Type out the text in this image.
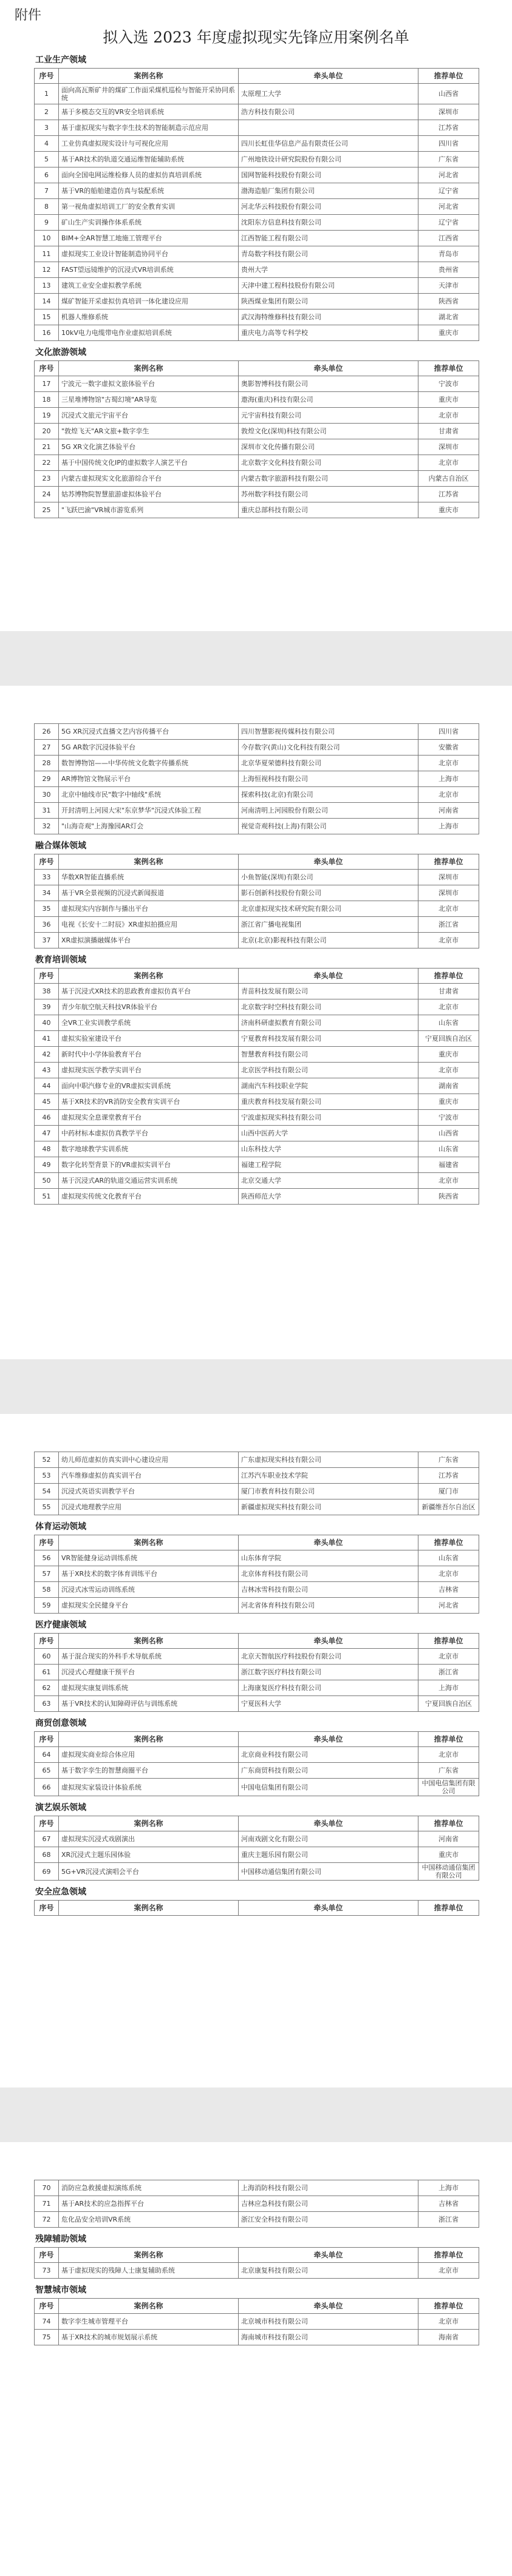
附件
拟入选 2023 年度虚拟现实先锋应用案例名单
工业生产领域
序号	案例名称	牵头单位	推荐单位
1	面向高瓦斯矿井的煤矿工作面采煤机巡检与智能开采协同系统	太原理工大学	山西省
2	基于多模态交互的VR安全培训系统	浩方科技有限公司	深圳市
3	基于虚拟现实与数字孪生技术的智能制造示范应用		江苏省
4	工业仿真虚拟现实设计与可视化应用	四川长虹佳华信息产品有限责任公司	四川省
5	基于AR技术的轨道交通运维智能辅助系统	广州地铁设计研究院股份有限公司	广东省
6	面向全国电网运维检修人员的虚拟仿真培训系统	国网智能科技股份有限公司	河北省
7	基于VR的船舶建造仿真与装配系统	渤海造船厂集团有限公司	辽宁省
8	第一视角虚拟培训工厂的安全教育实训	河北华云科技股份有限公司	河北省
9	矿山生产实训操作体系系统	沈阳东方信息科技有限公司	辽宁省
10	BIM+全AR智慧工地施工管理平台	江西智能工程有限公司	江西省
11	虚拟现实工业设计智能制造协同平台	青岛数字科技有限公司	青岛市
12	FAST望远镜维护的沉浸式VR培训系统	贵州大学	贵州省
13	建筑工业安全虚拟教学系统	天津中建工程科技股份有限公司	天津市
14	煤矿智能开采虚拟仿真培训一体化建设应用	陕西煤业集团有限公司	陕西省
15	机器人维修系统	武汉海特维修科技有限公司	湖北省
16	10kV电力电缆带电作业虚拟培训系统	重庆电力高等专科学校	重庆市
文化旅游领域
序号	案例名称	牵头单位	推荐单位
17	宁波元一数字虚拟文旅体验平台	奥影智博科技有限公司	宁波市
18	三星堆博物馆"古蜀幻境"AR导览	遨海(重庆)科技有限公司	重庆市
19	沉浸式文旅元宇宙平台	元宇宙科技有限公司	北京市
20	"敦煌飞天"AR文旅+数字孪生	敦煌文化(深圳)科技有限公司	甘肃省
21	5G XR文化演艺体验平台	深圳市文化传播有限公司	深圳市
22	基于中国传统文化IP的虚拟数字人演艺平台	北京数字文化科技有限公司	北京市
23	内蒙古虚拟现实文化旅游综合平台	内蒙古数字旅游科技有限公司	内蒙古自治区
24	姑苏博物院智慧旅游虚拟体验平台	苏州数字科技有限公司	江苏省
25	"飞跃巴渝"VR城市游览系列	重庆总部科技有限公司	重庆市
26	5G XR沉浸式直播文艺内容传播平台	四川智慧影视传媒科技有限公司	四川省
27	5G AR数字沉浸体验平台	今存数字(黄山)文化科技有限公司	安徽省
28	数智博物馆——中华传统文化数字传播系统	北京华夏荣德科技有限公司	北京市
29	AR博物馆文物展示平台	上海恒视科技有限公司	上海市
30	北京中轴线市民"数字中轴线"系统	探索科技(北京)有限公司	北京市
31	开封清明上河园大宋"东京梦华"沉浸式体验工程	河南清明上河园股份有限公司	河南省
32	"山海奇观"上海豫园AR灯会	视觉奇观科技(上海)有限公司	上海市
融合媒体领域
序号	案例名称	牵头单位	推荐单位
33	华数XR智能直播系统	小鱼智能(深圳)有限公司	深圳市
34	基于VR全景视频的沉浸式新闻报道	影石创新科技股份有限公司	深圳市
35	虚拟现实内容制作与播出平台	北京虚拟现实技术研究院有限公司	北京市
36	电视《长安十二时辰》XR虚拟拍摄应用	浙江省广播电视集团	浙江省
37	XR虚拟演播融媒体平台	北京(北京)影视科技有限公司	北京市
教育培训领域
序号	案例名称	牵头单位	推荐单位
38	基于沉浸式XR技术的思政教育虚拟仿真平台	青苗科技发展有限公司	甘肃省
39	青少年航空航天科技VR体验平台	北京数字时空科技有限公司	北京市
40	全VR工业实训教学系统	济南科研虚拟教育有限公司	山东省
41	虚拟实验室建设平台	宁夏教育科技发展有限公司	宁夏回族自治区
42	新时代中小学体验教育平台	智慧教育科技有限公司	重庆市
43	虚拟现实医学教学实训平台	北京医学科技有限公司	北京市
44	面向中职汽修专业的VR虚拟实训系统	湖南汽车科技职业学院	湖南省
45	基于XR技术的VR消防安全教育实训平台	重庆教育科技发展有限公司	重庆市
46	虚拟现实全息课堂教育平台	宁波虚拟现实科技有限公司	宁波市
47	中药材标本虚拟仿真教学平台	山西中医药大学	山西省
48	数字地球教学实训系统	山东科技大学	山东省
49	数字化转型背景下的VR虚拟实训平台	福建工程学院	福建省
50	基于沉浸式AR的轨道交通运营实训系统	北京交通大学	北京市
51	虚拟现实传统文化教育平台	陕西师范大学	陕西省
52	幼儿师范虚拟仿真实训中心建设应用	广东虚拟现实科技有限公司	广东省
53	汽车维修虚拟仿真实训平台	江苏汽车职业技术学院	江苏省
54	沉浸式英语实训教学平台	厦门市教育科技有限公司	厦门市
55	沉浸式地理教学应用	新疆虚拟现实科技有限公司	新疆维吾尔自治区
体育运动领域
序号	案例名称	牵头单位	推荐单位
56	VR智能健身运动训练系统	山东体育学院	山东省
57	基于XR技术的数字体育训练平台	北京体育科技有限公司	北京市
58	沉浸式冰雪运动训练系统	吉林冰雪科技有限公司	吉林省
59	虚拟现实全民健身平台	河北省体育科技有限公司	河北省
医疗健康领域
序号	案例名称	牵头单位	推荐单位
60	基于混合现实的外科手术导航系统	北京天智航医疗科技股份有限公司	北京市
61	沉浸式心理健康干预平台	浙江数字医疗科技有限公司	浙江省
62	虚拟现实康复训练系统	上海康复医疗科技有限公司	上海市
63	基于VR技术的认知障碍评估与训练系统	宁夏医科大学	宁夏回族自治区
商贸创意领域
序号	案例名称	牵头单位	推荐单位
64	虚拟现实商业综合体应用	北京商业科技有限公司	北京市
65	基于数字孪生的智慧商圈平台	广东商贸科技有限公司	广东省
66	虚拟现实家装设计体验系统	中国电信集团有限公司	中国电信集团有限公司
演艺娱乐领域
序号	案例名称	牵头单位	推荐单位
67	虚拟现实沉浸式戏剧演出	河南戏剧文化有限公司	河南省
68	XR沉浸式主题乐园体验	重庆主题乐园有限公司	重庆市
69	5G+VR沉浸式演唱会平台	中国移动通信集团有限公司	中国移动通信集团有限公司
安全应急领域
序号	案例名称	牵头单位	推荐单位
70	消防应急救援虚拟演练系统	上海消防科技有限公司	上海市
71	基于AR技术的应急指挥平台	吉林应急科技有限公司	吉林省
72	危化品安全培训VR系统	浙江安全科技有限公司	浙江省
残障辅助领域
序号	案例名称	牵头单位	推荐单位
73	基于虚拟现实的残障人士康复辅助系统	北京康复科技有限公司	北京市
智慧城市领域
序号	案例名称	牵头单位	推荐单位
74	数字孪生城市管理平台	北京城市科技有限公司	北京市
75	基于XR技术的城市规划展示系统	海南城市科技有限公司	海南省
